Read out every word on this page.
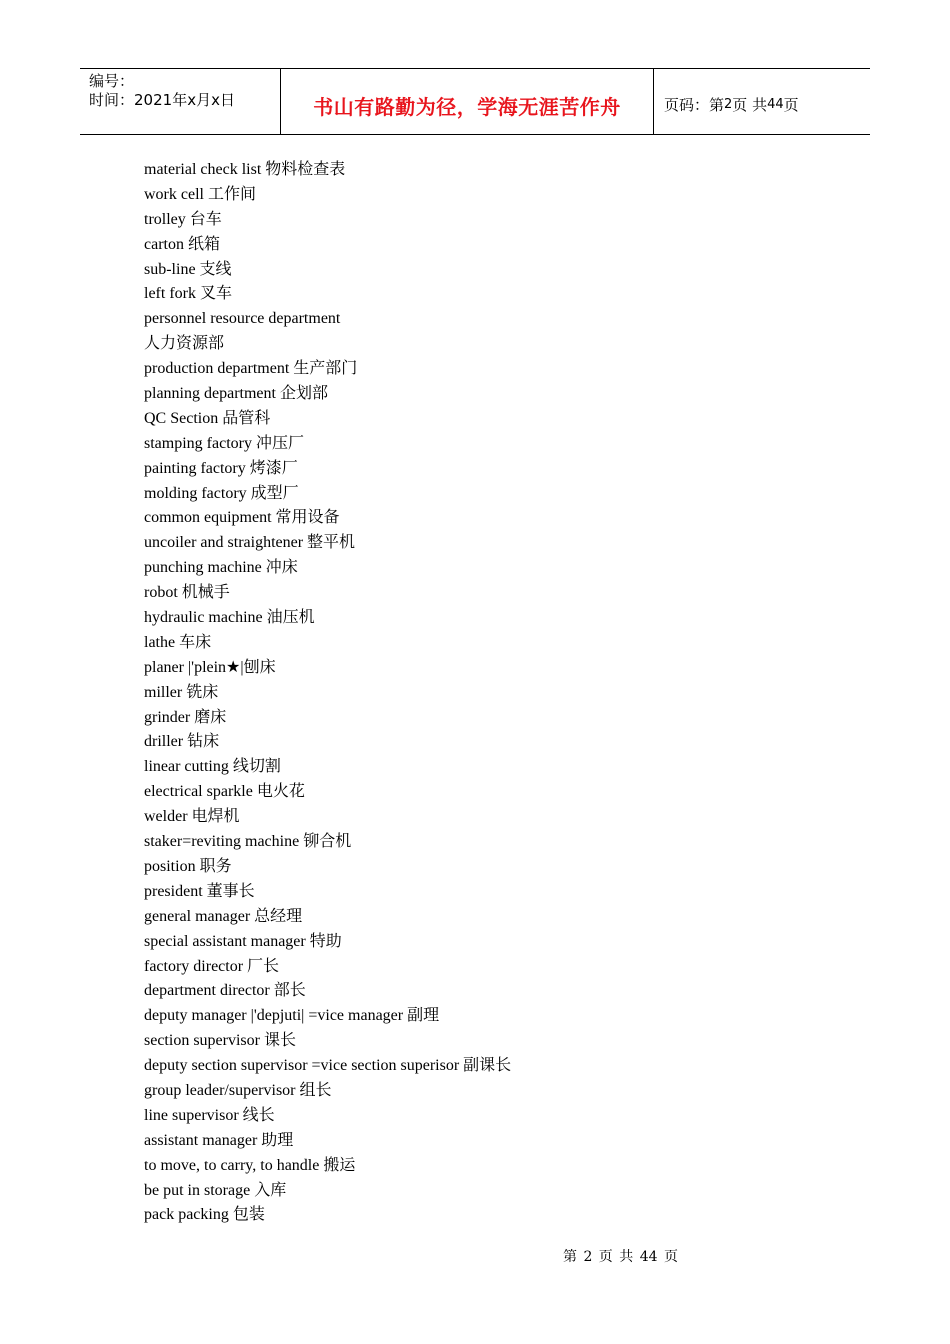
编号：
时间：2021年x月x日	书山有路勤为径，学海无涯苦作舟	页码：第 2 页 共 44 页
material check list 物料检查表
work cell 工作间
trolley 台车
carton 纸箱
sub-line 支线
left fork 叉车
personnel resource department
人力资源部
production department 生产部门
planning department 企划部
QC Section 品管科
stamping factory 冲压厂
painting factory 烤漆厂
molding factory 成型厂
common equipment 常用设备
uncoiler and straightener 整平机
punching machine 冲床
robot 机械手
hydraulic machine 油压机
lathe 车床
planer |'plein★|刨床
miller 铣床
grinder 磨床
driller 钻床
linear cutting 线切割
electrical sparkle 电火花
welder 电焊机
staker=reviting machine 铆合机
position 职务
president 董事长
general manager 总经理
special assistant manager 特助
factory director 厂长
department director 部长
deputy manager |'depjuti| =vice manager 副理
section supervisor 课长
deputy section supervisor =vice section superisor 副课长
group leader/supervisor 组长
line supervisor 线长
assistant manager 助理
to move, to carry, to handle 搬运
be put in storage 入库
pack packing 包装
第 2 页 共 44 页
